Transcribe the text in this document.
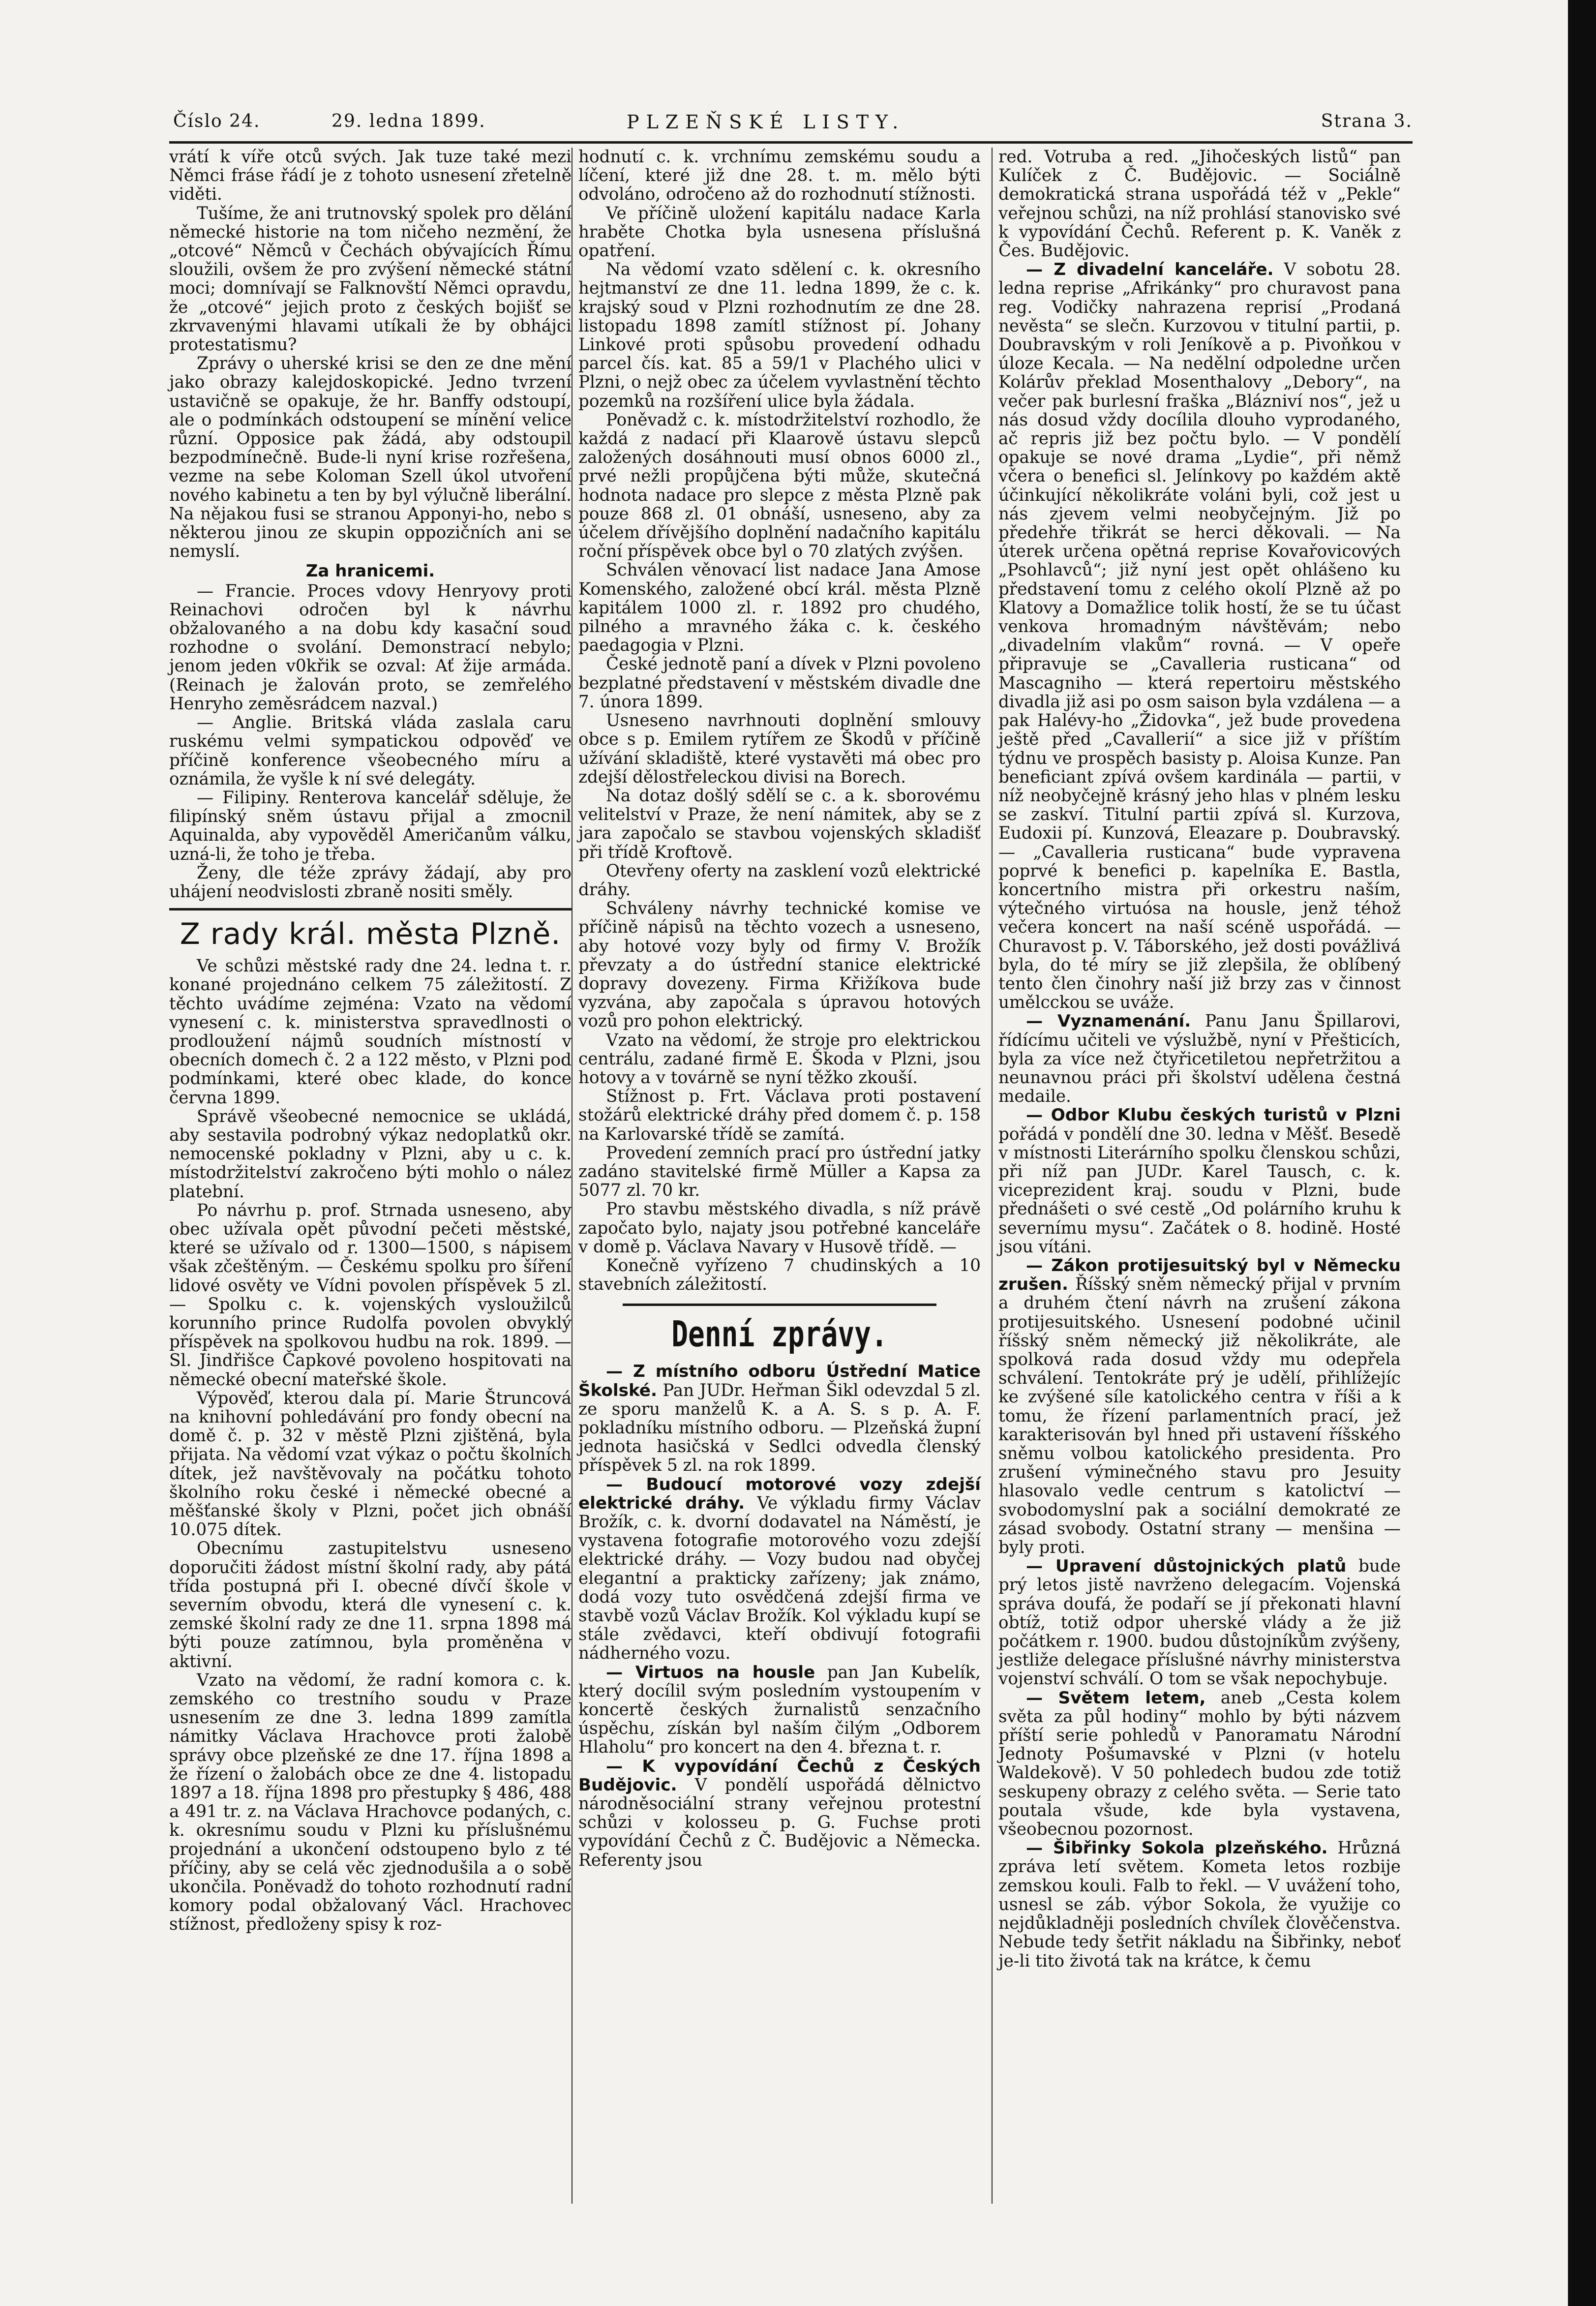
Číslo 24.	29. ledna 1899.	PLZEŇSKÉ LISTY.	Strana 3.

vrátí k víře otců svých. Jak tuze také mezi Němci fráse řádí je z tohoto usnesení zřetelně viděti.

Tušíme, že ani trutnovský spolek pro dělání německé historie na tom ničeho nezmění, že „otcové“ Němců v Čechách obývajících Římu sloužili, ovšem že pro zvýšení německé státní moci; domnívají se Falknovští Němci opravdu, že „otcové“ jejich proto z českých bojišť se zkrvavenými hlavami utíkali že by obhájci protestatismu?

Zprávy o uherské krisi se den ze dne mění jako obrazy kalejdoskopické. Jedno tvrzení ustavičně se opakuje, že hr. Banffy odstoupí, ale o podmínkách odstoupení se mínění velice různí. Opposice pak žádá, aby odstoupil bezpodmínečně. Bude-li nyní krise rozřešena, vezme na sebe Koloman Szell úkol utvoření nového kabinetu a ten by byl výlučně liberální. Na nějakou fusi se stranou Apponyi-ho, nebo s některou jinou ze skupin oppozičních ani se nemyslí.

Za hranicemi.

— Francie. Proces vdovy Henryovy proti Reinachovi odročen byl k návrhu obžalovaného a na dobu kdy kasační soud rozhodne o svolání. Demonstrací nebylo; jenom jeden v0křik se ozval: Ať žije armáda. (Reinach je žalován proto, se zemřelého Henryho zeměsrádcem nazval.)

— Anglie. Britská vláda zaslala caru ruskému velmi sympatickou odpověď ve příčině konference všeobecného míru a oznámila, že vyšle k ní své delegáty.

— Filipiny. Renterova kancelář sděluje, že filipínský sněm ústavu přijal a zmocnil Aquinalda, aby vypověděl Američanům válku, uzná-li, že toho je třeba.

Ženy, dle téže zprávy žádají, aby pro uhájení neodvislosti zbraně nositi směly.

Z rady král. města Plzně.

Ve schůzi městské rady dne 24. ledna t. r. konané projednáno celkem 75 záležitostí. Z těchto uvádíme zejména: Vzato na vědomí vynesení c. k. ministerstva spravedlnosti o prodloužení nájmů soudních místností v obecních domech č. 2 a 122 město, v Plzni pod podmínkami, které obec klade, do konce června 1899.

Správě všeobecné nemocnice se ukládá, aby sestavila podrobný výkaz nedoplatků okr. nemocenské pokladny v Plzni, aby u c. k. místodržitelství zakročeno býti mohlo o nález platební.

Po návrhu p. prof. Strnada usneseno, aby obec užívala opět původní pečeti městské, které se užívalo od r. 1300—1500, s nápisem však zčeštěným. — Českému spolku pro šíření lidové osvěty ve Vídni povolen příspěvek 5 zl. — Spolku c. k. vojenských vysloužilců korunního prince Rudolfa povolen obvyklý příspěvek na spolkovou hudbu na rok. 1899. — Sl. Jindřišce Čapkové povoleno hospitovati na německé obecní mateřské škole.

Výpověď, kterou dala pí. Marie Štruncová na knihovní pohledávání pro fondy obecní na domě č. p. 32 v městě Plzni zjištěná, byla přijata. Na vědomí vzat výkaz o počtu školních dítek, jež navštěvovaly na počátku tohoto školního roku české i německé obecné a měšťanské školy v Plzni, počet jich obnáší 10.075 dítek.

Obecnímu zastupitelstvu usneseno doporučiti žádost místní školní rady, aby pátá třída postupná při I. obecné dívčí škole v severním obvodu, která dle vynesení c. k. zemské školní rady ze dne 11. srpna 1898 má býti pouze zatímnou, byla proměněna v aktivní.

Vzato na vědomí, že radní komora c. k. zemského co trestního soudu v Praze usnesením ze dne 3. ledna 1899 zamítla námitky Václava Hrachovce proti žalobě správy obce plzeňské ze dne 17. října 1898 a že řízení o žalobách obce ze dne 4. listopadu 1897 a 18. října 1898 pro přestupky § 486, 488 a 491 tr. z. na Václava Hrachovce podaných, c. k. okresnímu soudu v Plzni ku příslušnému projednání a ukončení odstoupeno bylo z té příčiny, aby se celá věc zjednodušila a o sobě ukončila. Poněvadž do tohoto rozhodnutí radní komory podal obžalovaný Václ. Hrachovec stížnost, předloženy spisy k roz-

hodnutí c. k. vrchnímu zemskému soudu a líčení, které již dne 28. t. m. mělo býti odvoláno, odročeno až do rozhodnutí stížnosti.

Ve příčině uložení kapitálu nadace Karla hraběte Chotka byla usnesena příslušná opatření.

Na vědomí vzato sdělení c. k. okresního hejtmanství ze dne 11. ledna 1899, že c. k. krajský soud v Plzni rozhodnutím ze dne 28. listopadu 1898 zamítl stížnost pí. Johany Linkové proti spůsobu provedení odhadu parcel čís. kat. 85 a 59/1 v Plachého ulici v Plzni, o nejž obec za účelem vyvlastnění těchto pozemků na rozšíření ulice byla žádala.

Poněvadž c. k. místodržitelství rozhodlo, že každá z nadací při Klaarově ústavu slepců založených dosáhnouti musí obnos 6000 zl., prvé nežli propůjčena býti může, skutečná hodnota nadace pro slepce z města Plzně pak pouze 868 zl. 01 obnáší, usneseno, aby za účelem dřívějšího doplnění nadačního kapitálu roční příspěvek obce byl o 70 zlatých zvýšen.

Schválen věnovací list nadace Jana Amose Komenského, založené obcí král. města Plzně kapitálem 1000 zl. r. 1892 pro chudého, pilného a mravného žáka c. k. českého paedagogia v Plzni.

České jednotě paní a dívek v Plzni povoleno bezplatné představení v městském divadle dne 7. února 1899.

Usneseno navrhnouti doplnění smlouvy obce s p. Emilem rytířem ze Škodů v příčině užívání skladiště, které vystavěti má obec pro zdejší dělostřeleckou divisi na Borech.

Na dotaz došlý sdělí se c. a k. sborovému velitelství v Praze, že není námitek, aby se z jara započalo se stavbou vojenských skladišť při třídě Kroftově.

Otevřeny oferty na zasklení vozů elektrické dráhy.

Schváleny návrhy technické komise ve příčině nápisů na těchto vozech a usneseno, aby hotové vozy byly od firmy V. Brožík převzaty a do ústřední stanice elektrické dopravy dovezeny. Firma Křižíkova bude vyzvána, aby započala s úpravou hotových vozů pro pohon elektrický.

Vzato na vědomí, že stroje pro elektrickou centrálu, zadané firmě E. Škoda v Plzni, jsou hotovy a v továrně se nyní těžko zkouší.

Stížnost p. Frt. Václava proti postavení stožárů elektrické dráhy před domem č. p. 158 na Karlovarské třídě se zamítá.

Provedení zemních prací pro ústřední jatky zadáno stavitelské firmě Müller a Kapsa za 5077 zl. 70 kr.

Pro stavbu městského divadla, s níž právě započato bylo, najaty jsou potřebné kanceláře v domě p. Václava Navary v Husově třídě. —

Konečně vyřízeno 7 chudinských a 10 stavebních záležitostí.

Denní zprávy.

— Z místního odboru Ústřední Matice Školské. Pan JUDr. Heřman Šikl odevzdal 5 zl. ze sporu manželů K. a A. S. s p. A. F. pokladníku místního odboru. — Plzeňská župní jednota hasičská v Sedlci odvedla členský příspěvek 5 zl. na rok 1899.

— Budoucí motorové vozy zdejší elektrické dráhy. Ve výkladu firmy Václav Brožík, c. k. dvorní dodavatel na Náměstí, je vystavena fotografie motorového vozu zdejší elektrické dráhy. — Vozy budou nad obyčej elegantní a prakticky zařízeny; jak známo, dodá vozy tuto osvědčená zdejší firma ve stavbě vozů Václav Brožík. Kol výkladu kupí se stále zvědavci, kteří obdivují fotografii nádherného vozu.

— Virtuos na housle pan Jan Kubelík, který docílil svým posledním vystoupením v koncertě českých žurnalistů senzačního úspěchu, získán byl naším čilým „Odborem Hlaholu“ pro koncert na den 4. března t. r.

— K vypovídání Čechů z Českých Budějovic. V pondělí uspořádá dělnictvo národněsociální strany veřejnou protestní schůzi v kolosseu p. G. Fuchse proti vypovídání Čechů z Č. Budějovic a Německa. Referenty jsou

red. Votruba a red. „Jihočeských listů“ pan Kulíček z Č. Budějovic. — Sociálně demokratická strana uspořádá též v „Pekle“ veřejnou schůzi, na níž prohlásí stanovisko své k vypovídání Čechů. Referent p. K. Vaněk z Čes. Budějovic.

— Z divadelní kanceláře. V sobotu 28. ledna reprise „Afrikánky“ pro churavost pana reg. Vodičky nahrazena reprisí „Prodaná nevěsta“ se slečn. Kurzovou v titulní partii, p. Doubravským v roli Jeníkově a p. Pivoňkou v úloze Kecala. — Na nedělní odpoledne určen Kolárův překlad Mosenthalovy „Debory“, na večer pak burlesní fraška „Blázniví nos“, jež u nás dosud vždy docílila dlouho vyprodaného, ač repris již bez počtu bylo. — V pondělí opakuje se nové drama „Lydie“, při němž včera o benefici sl. Jelínkovy po každém aktě účinkující několikráte voláni byli, což jest u nás zjevem velmi neobyčejným. Již po předehře třikrát se herci děkovali. — Na úterek určena opětná reprise Kovařovicových „Psohlavců“; již nyní jest opět ohlášeno ku představení tomu z celého okolí Plzně až po Klatovy a Domažlice tolik hostí, že se tu účast venkova hromadným návštěvám; nebo „divadelním vlakům“ rovná. — V opeře připravuje se „Cavalleria rusticana“ od Mascagniho — která repertoiru městského divadla již asi po osm saison byla vzdálena — a pak Halévy-ho „Židovka“, jež bude provedena ještě před „Cavallerií“ a sice již v příštím týdnu ve prospěch basisty p. Aloisa Kunze. Pan beneficiant zpívá ovšem kardinála — partii, v níž neobyčejně krásný jeho hlas v plném lesku se zaskví. Titulní partii zpívá sl. Kurzova, Eudoxii pí. Kunzová, Eleazare p. Doubravský. — „Cavalleria rusticana“ bude vypravena poprvé k benefici p. kapelníka E. Bastla, koncertního mistra při orkestru naším, výtečného virtuósa na housle, jenž téhož večera koncert na naší scéně uspořádá. — Churavost p. V. Táborského, jež dosti povážlivá byla, do té míry se již zlepšila, že oblíbený tento člen činohry naší již brzy zas v činnost umělcckou se uváže.

— Vyznamenání. Panu Janu Špillarovi, řídícímu učiteli ve výslužbě, nyní v Přešticích, byla za více než čtyřicetiletou nepřetržitou a neunavnou práci při školství udělena čestná medaile.

— Odbor Klubu českých turistů v Plzni pořádá v pondělí dne 30. ledna v Měšť. Besedě v místnosti Literárního spolku členskou schůzi, při níž pan JUDr. Karel Tausch, c. k. viceprezident kraj. soudu v Plzni, bude přednášeti o své cestě „Od polárního kruhu k severnímu mysu“. Začátek o 8. hodině. Hosté jsou vítáni.

— Zákon protijesuitský byl v Německu zrušen. Říšský sněm německý přijal v prvním a druhém čtení návrh na zrušení zákona protijesuitského. Usnesení podobné učinil říšský sněm německý již několikráte, ale spolková rada dosud vždy mu odepřela schválení. Tentokráte prý je udělí, přihlížejíc ke zvýšené síle katolického centra v říši a k tomu, že řízení parlamentních prací, jež karakterisován byl hned při ustavení říšského sněmu volbou katolického presidenta. Pro zrušení výminečného stavu pro Jesuity hlasovalo vedle centrum s katolictví — svobodomyslní pak a sociální demokraté ze zásad svobody. Ostatní strany — menšina — byly proti.

— Upravení důstojnických platů bude prý letos jistě navrženo delegacím. Vojenská správa doufá, že podaří se jí překonati hlavní obtíž, totiž odpor uherské vlády a že již počátkem r. 1900. budou důstojníkům zvýšeny, jestliže delegace příslušné návrhy ministerstva vojenství schválí. O tom se však nepochybuje.

— Světem letem, aneb „Cesta kolem světa za půl hodiny“ mohlo by býti názvem příští serie pohledů v Panoramatu Národní Jednoty Pošumavské v Plzni (v hotelu Waldekově). V 50 pohledech budou zde totiž seskupeny obrazy z celého světa. — Serie tato poutala všude, kde byla vystavena, všeobecnou pozornost.

— Šibřinky Sokola plzeňského. Hrůzná zpráva letí světem. Kometa letos rozbije zemskou kouli. Falb to řekl. — V uvážení toho, usnesl se záb. výbor Sokola, že využije co nejdůkladněji posledních chvílek člověčenstva. Nebude tedy šetřit nákladu na Šibřinky, neboť je-li tito životá tak na krátce, k čemu
